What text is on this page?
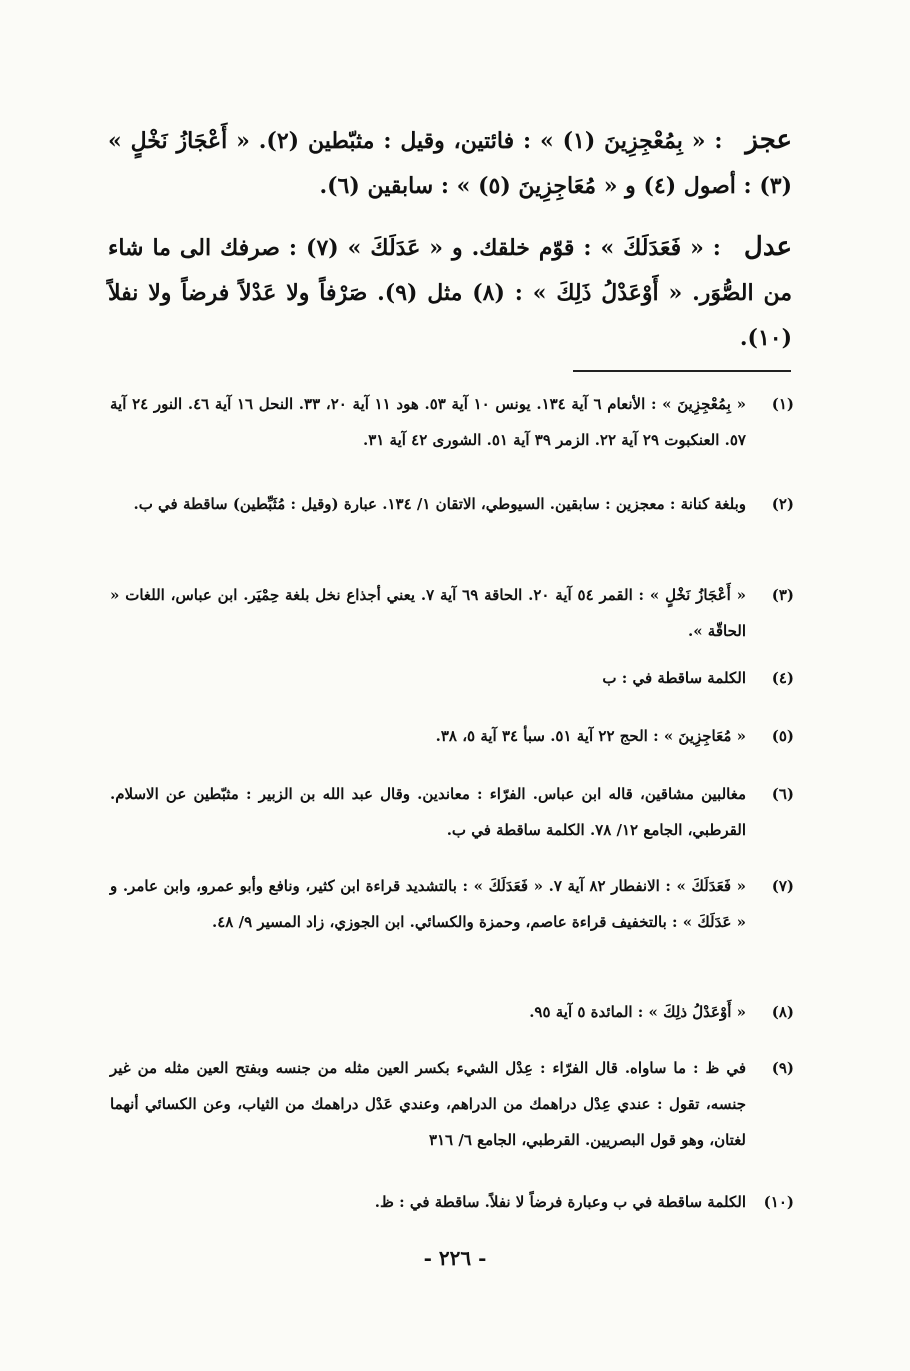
عجز : « بِمُعْجِزِينَ (١) » : فائتين، وقيل : مثبّطين (٢). « أَعْجَازُ نَخْلٍ » (٣) : أصول (٤) و « مُعَاجِزِينَ (٥) » : سابقين (٦).
عدل : « فَعَدَلَكَ » : قوّم خلقك. و « عَدَلَكَ » (٧) : صرفك الى ما شاء من الصُّوَر. « أَوْعَدْلُ ذَلِكَ » : (٨) مثل (٩). صَرْفاً ولا عَدْلاً فرضاً ولا نفلاً (١٠).
(١)
« بِمُعْجِزِينَ » : الأنعام ٦ آية ١٣٤. يونس ١٠ آية ٥٣. هود ١١ آية ٢٠، ٣٣. النحل ١٦ آية ٤٦. النور ٢٤ آية ٥٧. العنكبوت ٢٩ آية ٢٢. الزمر ٣٩ آية ٥١. الشورى ٤٢ آية ٣١.
(٢)
وبلغة كنانة : معجزين : سابقين. السيوطي، الاتقان ١/ ١٣٤. عبارة (وقيل : مُثَبِّطين) ساقطة في ب.
(٣)
« أَعْجَازُ نَخْلٍ » : القمر ٥٤ آية ٢٠. الحاقة ٦٩ آية ٧. يعني أجذاع نخل بلغة حِمْيَر. ابن عباس، اللغات « الحاقّة ».
(٤)
الكلمة ساقطة في : ب
(٥)
« مُعَاجِزِينَ » : الحج ٢٢ آية ٥١. سبأ ٣٤ آية ٥، ٣٨.
(٦)
مغالبين مشاقين، قاله ابن عباس. الفرّاء : معاندين. وقال عبد الله بن الزبير : مثبّطين عن الاسلام. القرطبي، الجامع ١٢/ ٧٨. الكلمة ساقطة في ب.
(٧)
« فَعَدَلَكَ » : الانفطار ٨٢ آية ٧. « فَعَدَلَكَ » : بالتشديد قراءة ابن كثير، ونافع وأبو عمرو، وابن عامر. و « عَدَلَكَ » : بالتخفيف قراءة عاصم، وحمزة والكسائي. ابن الجوزي، زاد المسير ٩/ ٤٨.
(٨)
« أَوْعَدْلُ ذلِكَ » : المائدة ٥ آية ٩٥.
(٩)
في ظ : ما ساواه. قال الفرّاء : عِدْل الشيء بكسر العين مثله من جنسه وبفتح العين مثله من غير جنسه، تقول : عندي عِدْل دراهمك من الدراهم، وعندي عَدْل دراهمك من الثياب، وعن الكسائي أنهما لغتان، وهو قول البصريين. القرطبي، الجامع ٦/ ٣١٦
(١٠)
الكلمة ساقطة في ب وعبارة فرضاً لا نفلاً. ساقطة في : ظ.
- ٢٢٦ -
